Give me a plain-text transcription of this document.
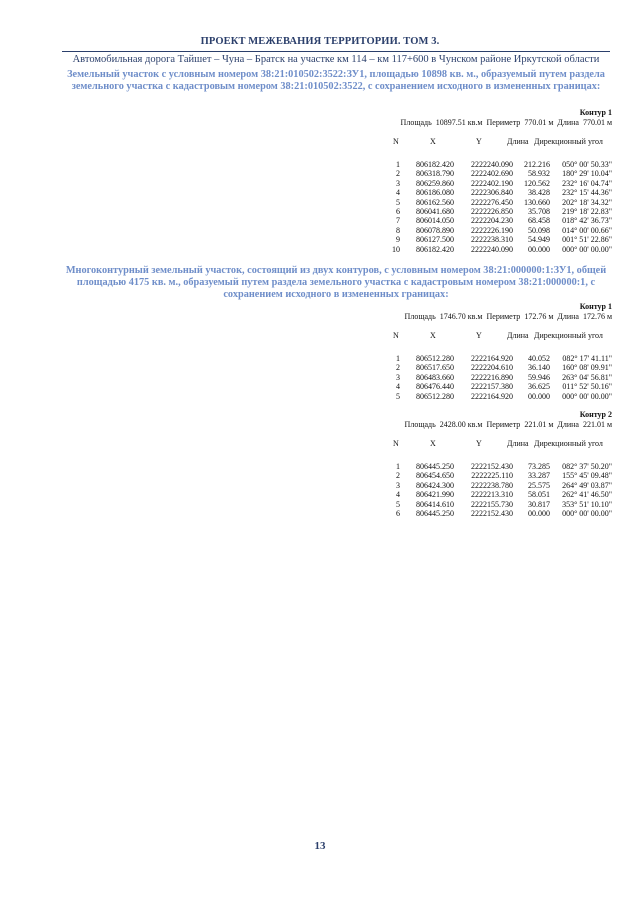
ПРОЕКТ МЕЖЕВАНИЯ ТЕРРИТОРИИ. ТОМ 3.
Автомобильная дорога Тайшет – Чуна – Братск на участке км 114 – км 117+600 в Чунском районе Иркутской области
Земельный участок с условным номером 38:21:010502:3522:ЗУ1, площадью 10898 кв. м., образуемый путем раздела земельного участка с кадастровым номером 38:21:010502:3522, с сохранением исходного в измененных границах:
Контур 1
Площадь 10897.51 кв.м Периметр 770.01 м Длина 770.01 м
N	X	Y	Длина Дирекционный угол
1	806182.420	2222240.090	212.216	050° 00' 50.33"
2	806318.790	2222402.690	58.932	180° 29' 10.04"
3	806259.860	2222402.190	120.562	232° 16' 04.74"
4	806186.080	2222306.840	38.428	232° 15' 44.36"
5	806162.560	2222276.450	130.660	202° 18' 34.32"
6	806041.680	2222226.850	35.708	219° 18' 22.83"
7	806014.050	2222204.230	68.458	018° 42' 36.73"
8	806078.890	2222226.190	50.098	014° 00' 00.66"
9	806127.500	2222238.310	54.949	001° 51' 22.86"
10	806182.420	2222240.090	00.000	000° 00' 00.00"
Многоконтурный земельный участок, состоящий из двух контуров, с условным номером 38:21:000000:1:ЗУ1, общей площадью 4175 кв. м., образуемый путем раздела земельного участка с кадастровым номером 38:21:000000:1, с сохранением исходного в измененных границах:
Контур 1
Площадь 1746.70 кв.м Периметр 172.76 м Длина 172.76 м
N	X	Y	Длина Дирекционный угол
1	806512.280	2222164.920	40.052	082° 17' 41.11"
2	806517.650	2222204.610	36.140	160° 08' 09.91"
3	806483.660	2222216.890	59.946	263° 04' 56.81"
4	806476.440	2222157.380	36.625	011° 52' 50.16"
5	806512.280	2222164.920	00.000	000° 00' 00.00"
Контур 2
Площадь 2428.00 кв.м Периметр 221.01 м Длина 221.01 м
N	X	Y	Длина Дирекционный угол
1	806445.250	2222152.430	73.285	082° 37' 50.20"
2	806454.650	2222225.110	33.287	155° 45' 09.48"
3	806424.300	2222238.780	25.575	264° 49' 03.87"
4	806421.990	2222213.310	58.051	262° 41' 46.50"
5	806414.610	2222155.730	30.817	353° 51' 10.10"
6	806445.250	2222152.430	00.000	000° 00' 00.00"
13
